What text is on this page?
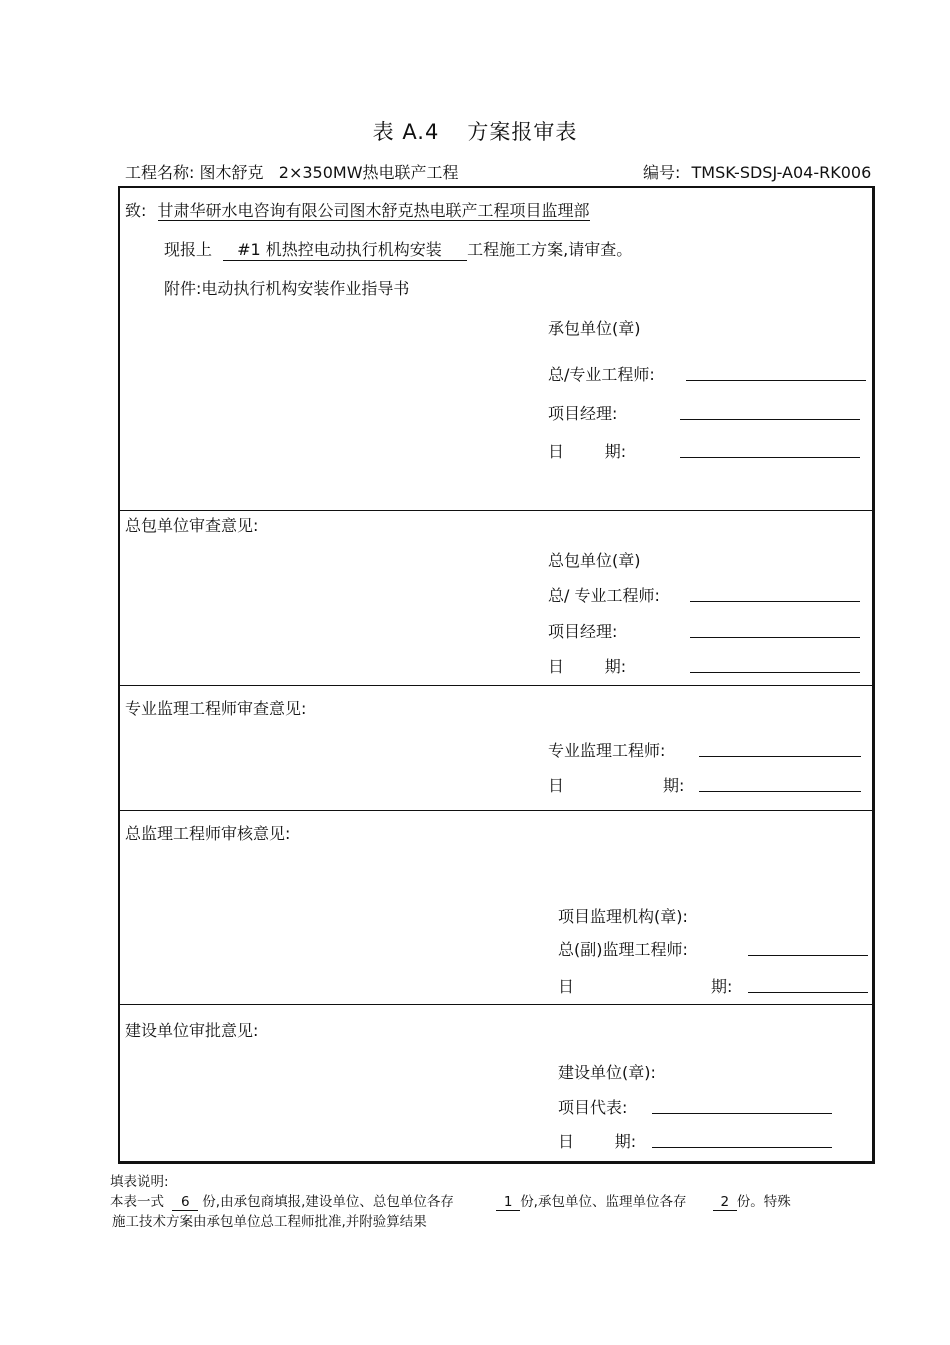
表 A.4 方案报审表
工程名称: 图木舒克   2×350MW热电联产工程	编号: TMSK-SDSJ-A04-RK006
致: 甘肃华研水电咨询有限公司图木舒克热电联产工程项目监理部
现报上 #1 机热控电动执行机构安装 工程施工方案,请审查。
附件:电动执行机构安装作业指导书
承包单位(章)
总/专业工程师:
项目经理:
日        期:
总包单位审查意见:
总包单位(章)
总/ 专业工程师:
项目经理:
日        期:
专业监理工程师审查意见:
专业监理工程师:
日	期:
总监理工程师审核意见:
项目监理机构(章):
总(副)监理工程师:
日	期:
建设单位审批意见:
建设单位(章):
项目代表:
日        期:
填表说明:
本表一式 6 份,由承包商填报,建设单位、总包单位各存	1 份,承包单位、监理单位各存	2 份。特殊
施工技术方案由承包单位总工程师批准,并附验算结果
